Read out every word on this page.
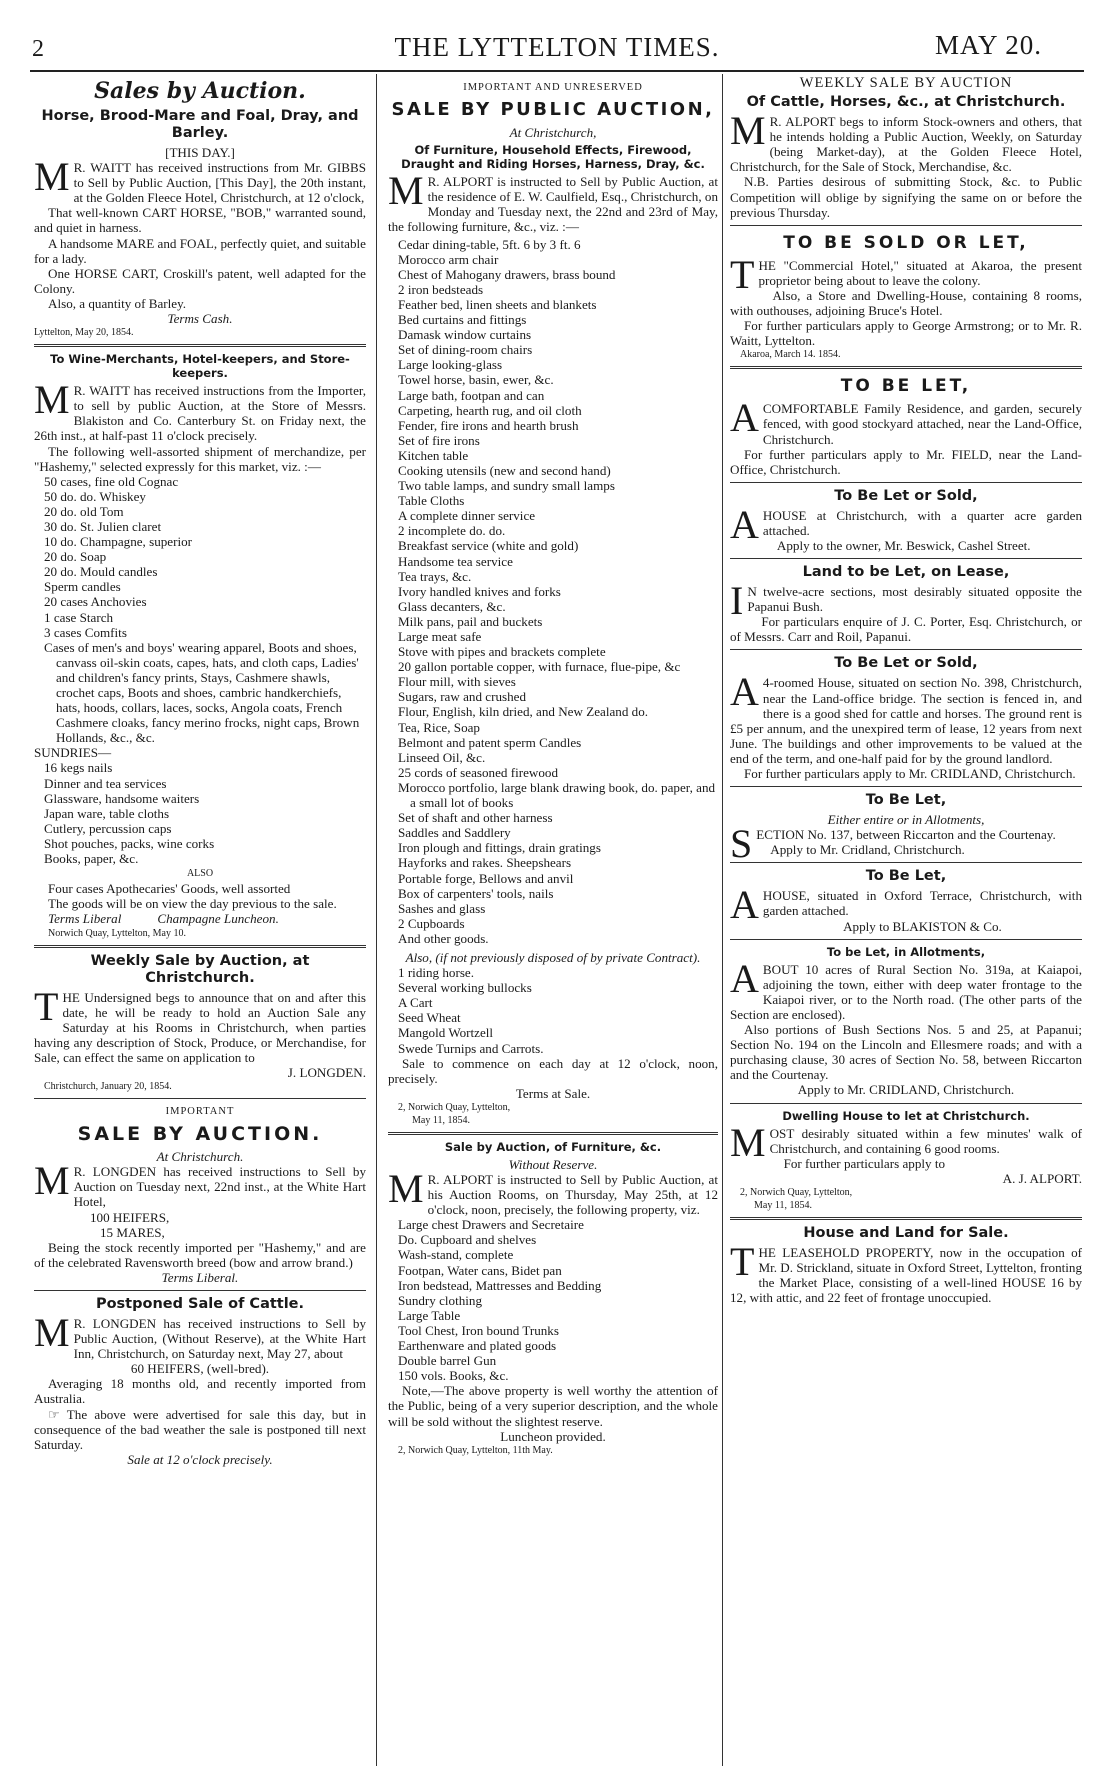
2	THE LYTTELTON TIMES.	MAY 20.
Sales by Auction.
Horse, Brood-Mare and Foal, Dray, and Barley.
[THIS DAY.]

M R. WAITT has received instructions from Mr. GIBBS to Sell by Public Auction, [This Day], the 20th instant, at the Golden Fleece Hotel, Christchurch, at 12 o'clock,

That well-known CART HORSE, "BOB," warranted sound, and quiet in harness.

A handsome MARE and FOAL, perfectly quiet, and suitable for a lady.

One HORSE CART, Croskill's patent, well adapted for the Colony.

Also, a quantity of Barley.

Terms Cash.
Lyttelton, May 20, 1854.
To Wine-Merchants, Hotel-keepers, and Store-keepers.

M R. WAITT has received instructions from the Importer, to sell by public Auction, at the Store of Messrs. Blakiston and Co. Canterbury St. on Friday next, the 26th inst., at half-past 11 o'clock precisely.

The following well-assorted shipment of merchandize, per "Hashemy," selected expressly for this market, viz. :—

50 cases, fine old Cognac
50 do. do. Whiskey
20 do. old Tom
30 do. St. Julien claret
10 do. Champagne, superior
20 do. Soap
20 do. Mould candles
Sperm candles
20 cases Anchovies
1 case Starch
3 cases Comfits
Cases of men's and boys' wearing apparel, Boots and shoes, canvass oil-skin coats, capes, hats, and cloth caps, Ladies' and children's fancy prints, Stays, Cashmere shawls, crochet caps, Boots and shoes, cambric handkerchiefs, hats, hoods, collars, laces, socks, Angola coats, French Cashmere cloaks, fancy merino frocks, night caps, Brown Hollands, &c., &c.
SUNDRIES—
16 kegs nails
Dinner and tea services
Glassware, handsome waiters
Japan ware, table cloths
Cutlery, percussion caps
Shot pouches, packs, wine corks
Books, paper, &c.
ALSO

Four cases Apothecaries' Goods, well assorted

The goods will be on view the day previous to the sale.

Terms Liberal	Champagne Luncheon.
Norwich Quay, Lyttelton, May 10.
Weekly Sale by Auction, at Christchurch.

THE Undersigned begs to announce that on and after this date, he will be ready to hold an Auction Sale any Saturday at his Rooms in Christchurch, when parties having any description of Stock, Produce, or Merchandise, for Sale, can effect the same on application to

J. LONGDEN.
Christchurch, January 20, 1854.
IMPORTANT
SALE BY AUCTION.
At Christchurch.

M R. LONGDEN has received instructions to Sell by Auction on Tuesday next, 22nd inst., at the White Hart Hotel,

100 HEIFERS,
15 MARES,

Being the stock recently imported per "Hashemy," and are of the celebrated Ravensworth breed (bow and arrow brand.)

Terms Liberal.
Postponed Sale of Cattle.

M R. LONGDEN has received instructions to Sell by Public Auction, (Without Reserve), at the White Hart Inn, Christchurch, on Saturday next, May 27, about

60 HEIFERS, (well-bred).

Averaging 18 months old, and recently imported from Australia.

☞ The above were advertised for sale this day, but in consequence of the bad weather the sale is postponed till next Saturday.

Sale at 12 o'clock precisely.
IMPORTANT AND UNRESERVED
SALE BY PUBLIC AUCTION,
At Christchurch,
Of Furniture, Household Effects, Firewood, Draught and Riding Horses, Harness, Dray, &c.

M R. ALPORT is instructed to Sell by Public Auction, at the residence of E. W. Caulfield, Esq., Christchurch, on Monday and Tuesday next, the 22nd and 23rd of May, the following furniture, &c., viz. :—

Cedar dining-table, 5ft. 6 by 3 ft. 6
Morocco arm chair
Chest of Mahogany drawers, brass bound
2 iron bedsteads
Feather bed, linen sheets and blankets
Bed curtains and fittings
Damask window curtains
Set of dining-room chairs
Large looking-glass
Towel horse, basin, ewer, &c.
Large bath, footpan and can
Carpeting, hearth rug, and oil cloth
Fender, fire irons and hearth brush
Set of fire irons
Kitchen table
Cooking utensils (new and second hand)
Two table lamps, and sundry small lamps
Table Cloths
A complete dinner service
2 incomplete do. do.
Breakfast service (white and gold)
Handsome tea service
Tea trays, &c.
Ivory handled knives and forks
Glass decanters, &c.
Milk pans, pail and buckets
Large meat safe
Stove with pipes and brackets complete
20 gallon portable copper, with furnace, flue-pipe, &c
Flour mill, with sieves
Sugars, raw and crushed
Flour, English, kiln dried, and New Zealand do.
Tea, Rice, Soap
Belmont and patent sperm Candles
Linseed Oil, &c.
25 cords of seasoned firewood
Morocco portfolio, large blank drawing book, do. paper, and a small lot of books
Set of shaft and other harness
Saddles and Saddlery
Iron plough and fittings, drain gratings
Hayforks and rakes. Sheepshears
Portable forge, Bellows and anvil
Box of carpenters' tools, nails
Sashes and glass
2 Cupboards
And other goods.
Also, (if not previously disposed of by private Contract).
1 riding horse.
Several working bullocks
A Cart
Seed Wheat
Mangold Wortzell
Swede Turnips and Carrots.

Sale to commence on each day at 12 o'clock, noon, precisely.

Terms at Sale.
2, Norwich Quay, Lyttelton,
May 11, 1854.
Sale by Auction, of Furniture, &c.
Without Reserve.

M R. ALPORT is instructed to Sell by Public Auction, at his Auction Rooms, on Thursday, May 25th, at 12 o'clock, noon, precisely, the following property, viz.

Large chest Drawers and Secretaire
Do. Cupboard and shelves
Wash-stand, complete
Footpan, Water cans, Bidet pan
Iron bedstead, Mattresses and Bedding
Sundry clothing
Large Table
Tool Chest, Iron bound Trunks
Earthenware and plated goods
Double barrel Gun
150 vols. Books, &c.

Note,—The above property is well worthy the attention of the Public, being of a very superior description, and the whole will be sold without the slightest reserve.

Luncheon provided.
2, Norwich Quay, Lyttelton, 11th May.
WEEKLY SALE BY AUCTION
Of Cattle, Horses, &c., at Christchurch.

M R. ALPORT begs to inform Stock-owners and others, that he intends holding a Public Auction, Weekly, on Saturday (being Market-day), at the Golden Fleece Hotel, Christchurch, for the Sale of Stock, Merchandise, &c.

N.B. Parties desirous of submitting Stock, &c. to Public Competition will oblige by signifying the same on or before the previous Thursday.

TO BE SOLD OR LET,

THE "Commercial Hotel," situated at Akaroa, the present proprietor being about to leave the colony.

Also, a Store and Dwelling-House, containing 8 rooms, with outhouses, adjoining Bruce's Hotel.

For further particulars apply to George Armstrong; or to Mr. R. Waitt, Lyttelton.

Akaroa, March 14. 1854.
TO BE LET,

ACOMFORTABLE Family Residence, and garden, securely fenced, with good stockyard attached, near the Land-Office, Christchurch.

For further particulars apply to Mr. FIELD, near the Land-Office, Christchurch.

To Be Let or Sold,

AHOUSE at Christchurch, with a quarter acre garden attached.

Apply to the owner, Mr. Beswick, Cashel Street.

Land to be Let, on Lease,

I N twelve-acre sections, most desirably situated opposite the Papanui Bush.

For particulars enquire of J. C. Porter, Esq. Christchurch, or of Messrs. Carr and Roil, Papanui.

To Be Let or Sold,

A 4-roomed House, situated on section No. 398, Christchurch, near the Land-office bridge. The section is fenced in, and there is a good shed for cattle and horses. The ground rent is £5 per annum, and the unexpired term of lease, 12 years from next June. The buildings and other improvements to be valued at the end of the term, and one-half paid for by the ground landlord.

For further particulars apply to Mr. CRIDLAND, Christchurch.

To Be Let,
Either entire or in Allotments,

SECTION No. 137, between Riccarton and the Courtenay.

Apply to Mr. Cridland, Christchurch.

To Be Let,

AHOUSE, situated in Oxford Terrace, Christchurch, with garden attached.

Apply to BLAKISTON & Co.
To be Let, in Allotments,

ABOUT 10 acres of Rural Section No. 319a, at Kaiapoi, adjoining the town, either with deep water frontage to the Kaiapoi river, or to the North road. (The other parts of the Section are enclosed).

Also portions of Bush Sections Nos. 5 and 25, at Papanui; Section No. 194 on the Lincoln and Ellesmere roads; and with a purchasing clause, 30 acres of Section No. 58, between Riccarton and the Courtenay.

Apply to Mr. CRIDLAND, Christchurch.
Dwelling House to let at Christchurch.

MOST desirably situated within a few minutes' walk of Christchurch, and containing 6 good rooms.

For further particulars apply to

A. J. ALPORT.
2, Norwich Quay, Lyttelton,
May 11, 1854.
House and Land for Sale.

THE LEASEHOLD PROPERTY, now in the occupation of Mr. D. Strickland, situate in Oxford Street, Lyttelton, fronting the Market Place, consisting of a well-lined HOUSE 16 by 12, with attic, and 22 feet of frontage unoccupied.
